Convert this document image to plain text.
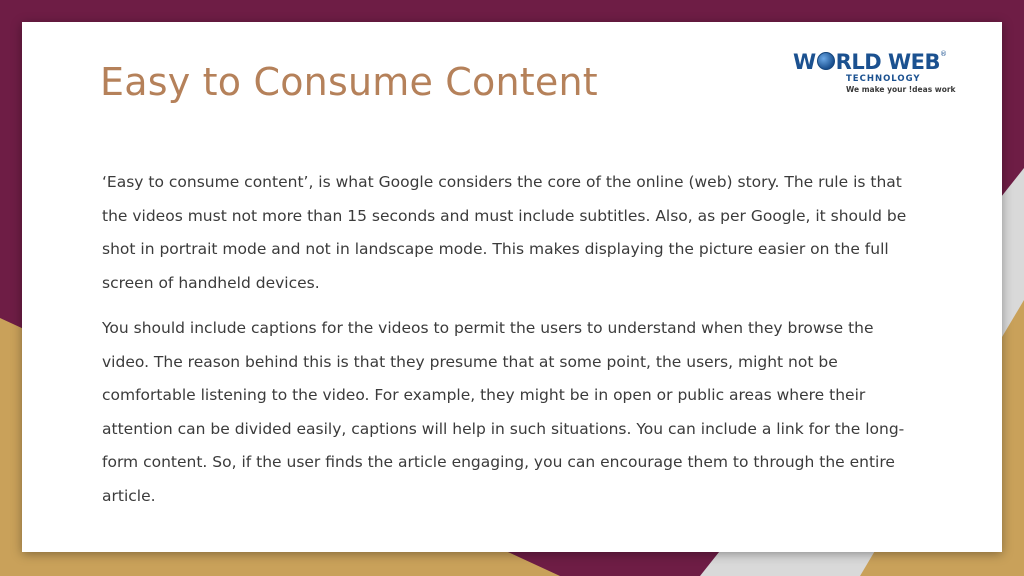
Easy to Consume Content	W RLD WEB ®
TECHNOLOGY
We make your !deas work

‘Easy to consume content’, is what Google considers the core of the online (web) story. The rule is that the videos must not more than 15 seconds and must include subtitles. Also, as per Google, it should be shot in portrait mode and not in landscape mode. This makes displaying the picture easier on the full screen of handheld devices.

You should include captions for the videos to permit the users to understand when they browse the video. The reason behind this is that they presume that at some point, the users, might not be comfortable listening to the video. For example, they might be in open or public areas where their attention can be divided easily, captions will help in such situations. You can include a link for the long-form content. So, if the user finds the article engaging, you can encourage them to through the entire article.
